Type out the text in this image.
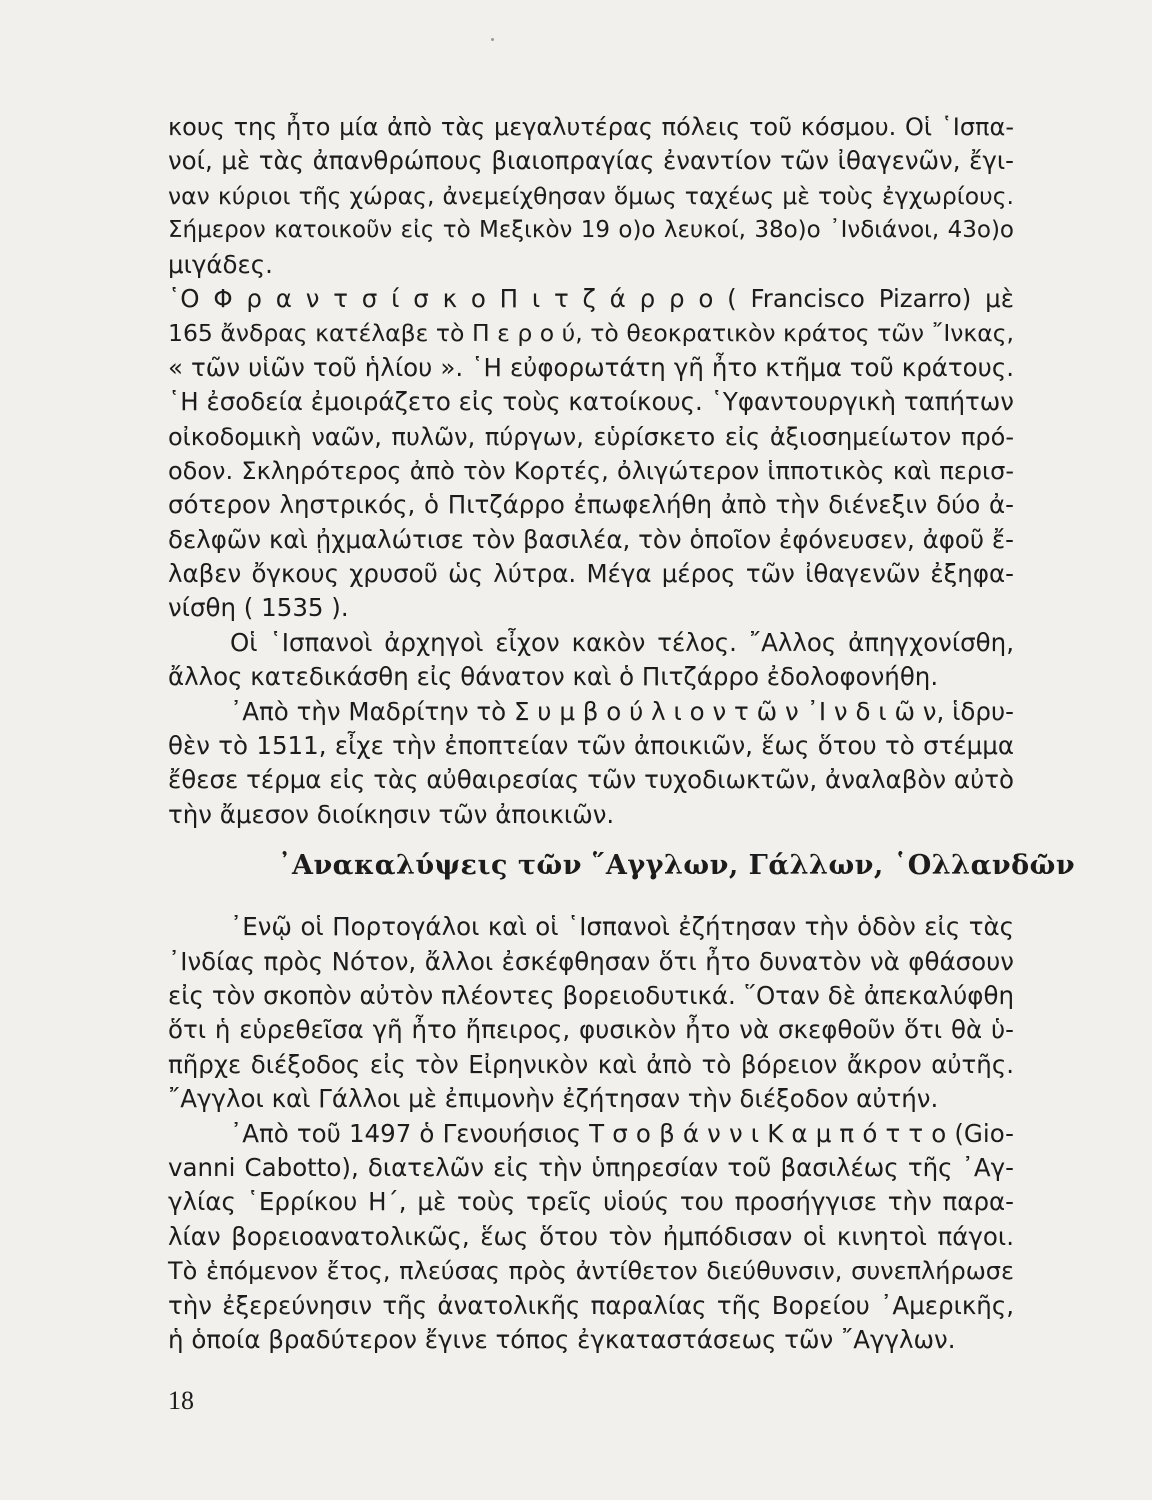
κους της ἦτο μία ἀπὸ τὰς μεγαλυτέρας πόλεις τοῦ κόσμου. Οἱ ῾Ισπα-
νοί, μὲ τὰς ἀπανθρώπους βιαιοπραγίας ἐναντίον τῶν ἰθαγενῶν, ἔγι-
ναν κύριοι τῆς χώρας, ἀνεμείχθησαν ὅμως ταχέως μὲ τοὺς ἐγχωρίους.
Σήμερον κατοικοῦν εἰς τὸ Μεξικὸν 19 ο)ο λευκοί, 38ο)ο ᾽Ινδιάνοι, 43ο)ο
μιγάδες.
῾Ο Φ ρ α ν τ σ ί σ κ ο Π ι τ ζ ά ρ ρ ο ( Francisco Pizarro) μὲ
165 ἄνδρας κατέλαβε τὸ Π ε ρ ο ύ, τὸ θεοκρατικὸν κράτος τῶν ῎Ινκας,
« τῶν υἱῶν τοῦ ἡλίου ». ῾Η εὐφορωτάτη γῆ ἦτο κτῆμα τοῦ κράτους.
῾Η ἐσοδεία ἐμοιράζετο εἰς τοὺς κατοίκους. ῾Υφαντουργικὴ ταπήτων
οἰκοδομικὴ ναῶν, πυλῶν, πύργων, εὑρίσκετο εἰς ἀξιοσημείωτον πρό-
οδον. Σκληρότερος ἀπὸ τὸν Κορτές, ὀλιγώτερον ἱπποτικὸς καὶ περισ-
σότερον ληστρικός, ὁ Πιτζάρρο ἐπωφελήθη ἀπὸ τὴν διένεξιν δύο ἀ-
δελφῶν καὶ ᾐχμαλώτισε τὸν βασιλέα, τὸν ὁποῖον ἐφόνευσεν, ἀφοῦ ἔ-
λαβεν ὄγκους χρυσοῦ ὡς λύτρα. Μέγα μέρος τῶν ἰθαγενῶν ἐξηφα-
νίσθη ( 1535 ).
Οἱ ῾Ισπανοὶ ἀρχηγοὶ εἶχον κακὸν τέλος. ῎Αλλος ἀπηγχονίσθη,
ἄλλος κατεδικάσθη εἰς θάνατον καὶ ὁ Πιτζάρρο ἐδολοφονήθη.
᾽Απὸ τὴν Μαδρίτην τὸ Σ υ μ β ο ύ λ ι ο ν τ ῶ ν ᾽Ι ν δ ι ῶ ν, ἱδρυ-
θὲν τὸ 1511, εἶχε τὴν ἐποπτείαν τῶν ἀποικιῶν, ἕως ὅτου τὸ στέμμα
ἔθεσε τέρμα εἰς τὰς αὐθαιρεσίας τῶν τυχοδιωκτῶν, ἀναλαβὸν αὐτὸ
τὴν ἄμεσον διοίκησιν τῶν ἀποικιῶν.
᾽Ανακαλύψεις τῶν ῞Αγγλων, Γάλλων, ῾Ολλανδῶν
᾽Ενῷ οἱ Πορτογάλοι καὶ οἱ ῾Ισπανοὶ ἐζήτησαν τὴν ὁδὸν εἰς τὰς
᾽Ινδίας πρὸς Νότον, ἄλλοι ἐσκέφθησαν ὅτι ἦτο δυνατὸν νὰ φθάσουν
εἰς τὸν σκοπὸν αὐτὸν πλέοντες βορειοδυτικά. ῞Οταν δὲ ἀπεκαλύφθη
ὅτι ἡ εὑρεθεῖσα γῆ ἦτο ἤπειρος, φυσικὸν ἦτο νὰ σκεφθοῦν ὅτι θὰ ὑ-
πῆρχε διέξοδος εἰς τὸν Εἰρηνικὸν καὶ ἀπὸ τὸ βόρειον ἄκρον αὐτῆς.
῎Αγγλοι καὶ Γάλλοι μὲ ἐπιμονὴν ἐζήτησαν τὴν διέξοδον αὐτήν.
᾽Απὸ τοῦ 1497 ὁ Γενουήσιος Τ σ ο β ά ν ν ι Κ α μ π ό τ τ ο (Gio-
vanni Cabotto), διατελῶν εἰς τὴν ὑπηρεσίαν τοῦ βασιλέως τῆς ᾽Αγ-
γλίας ῾Ερρίκου Η΄, μὲ τοὺς τρεῖς υἱούς του προσήγγισε τὴν παρα-
λίαν βορειοανατολικῶς, ἕως ὅτου τὸν ἠμπόδισαν οἱ κινητοὶ πάγοι.
Τὸ ἑπόμενον ἔτος, πλεύσας πρὸς ἀντίθετον διεύθυνσιν, συνεπλήρωσε
τὴν ἐξερεύνησιν τῆς ἀνατολικῆς παραλίας τῆς Βορείου ᾽Αμερικῆς,
ἡ ὁποία βραδύτερον ἔγινε τόπος ἐγκαταστάσεως τῶν ῎Αγγλων.
18
